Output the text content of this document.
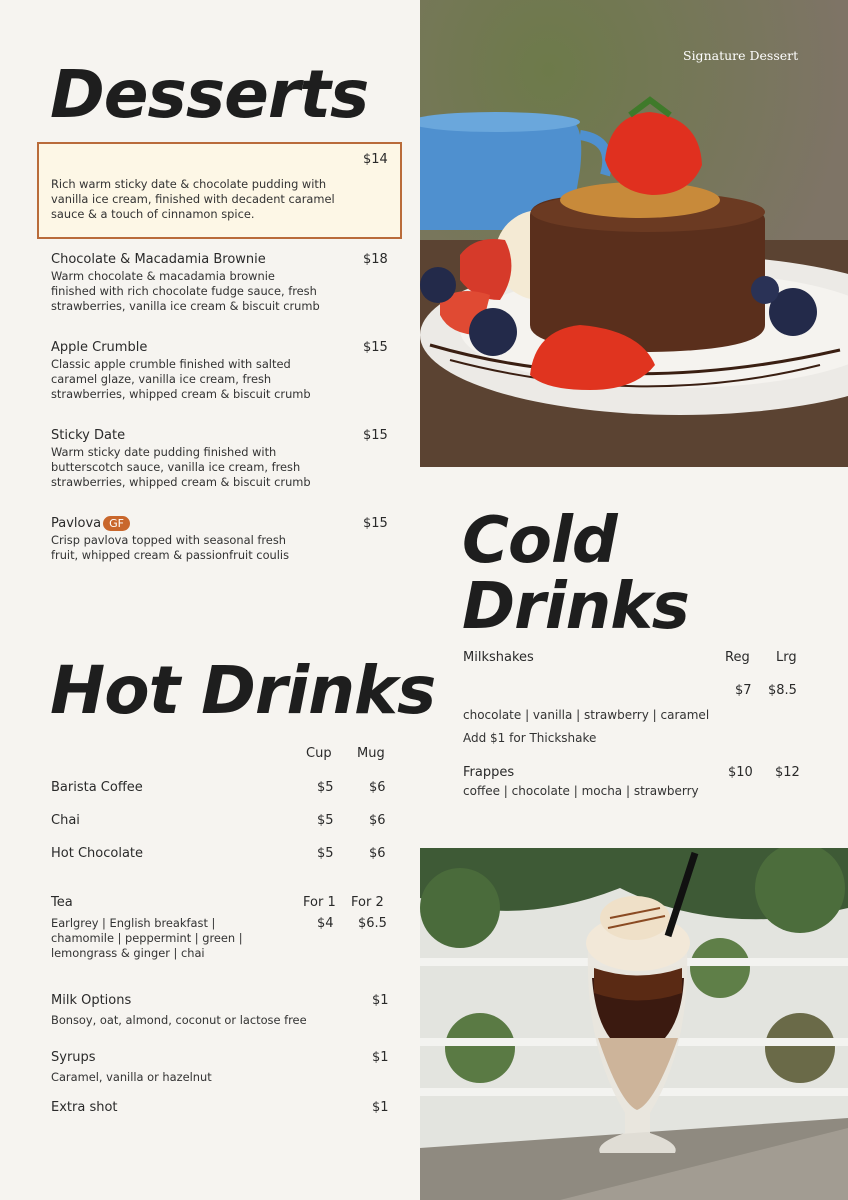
Signature Dessert
Desserts
$14
Rich warm sticky date & chocolate pudding with vanilla ice cream, finished with decadent caramel sauce & a touch of cinnamon spice.
Chocolate & Macadamia Brownie	$18
Warm chocolate & macadamia brownie
finished with rich chocolate fudge sauce, fresh
strawberries, vanilla ice cream & biscuit crumb
Apple Crumble	$15
Classic apple crumble finished with salted
caramel glaze, vanilla ice cream, fresh
strawberries, whipped cream & biscuit crumb
Sticky Date	$15
Warm sticky date pudding finished with
butterscotch sauce, vanilla ice cream, fresh
strawberries, whipped cream & biscuit crumb
Pavlova GF	$15
Crisp pavlova topped with seasonal fresh
fruit, whipped cream & passionfruit coulis
Hot Drinks
Cup Mug
Barista Coffee	$5	$6
Chai	$5	$6
Hot Chocolate	$5	$6
Tea	For 1 For 2
$4 $6.5
Earlgrey | English breakfast |
chamomile | peppermint | green |
lemongrass & ginger | chai
Milk Options	$1
Bonsoy, oat, almond, coconut or lactose free
Syrups	$1
Caramel, vanilla or hazelnut
Extra shot	$1
Cold
Drinks
Milkshakes	Reg Lrg
$7 $8.5
chocolate | vanilla | strawberry | caramel
Add $1 for Thickshake
Frappes	$10 $12
coffee | chocolate | mocha | strawberry
